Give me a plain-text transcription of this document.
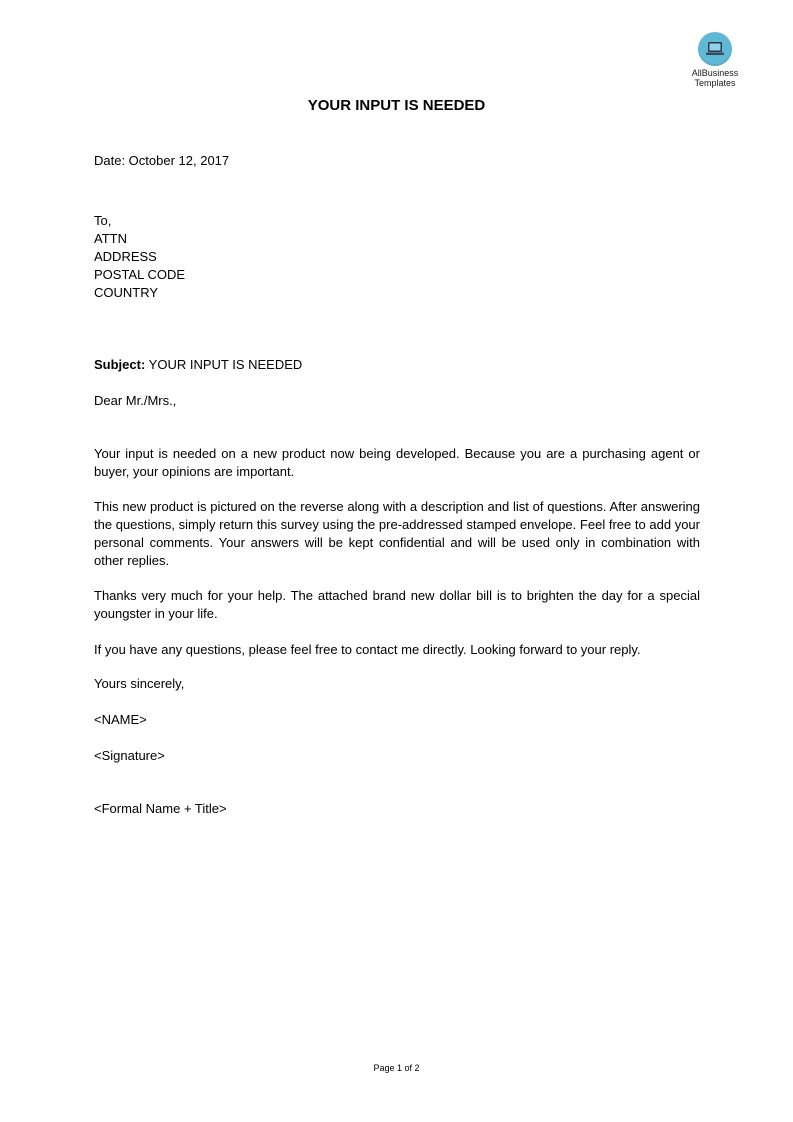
AllBusiness
Templates
YOUR INPUT IS NEEDED

Date: October 12, 2017

To,

ATTN

ADDRESS

POSTAL CODE

COUNTRY

Subject: YOUR INPUT IS NEEDED

Dear Mr./Mrs.,

Your input is needed on a new product now being developed. Because you are a purchasing agent or buyer, your opinions are important.

This new product is pictured on the reverse along with a description and list of questions. After answering the questions, simply return this survey using the pre-addressed stamped envelope. Feel free to add your personal comments. Your answers will be kept confidential and will be used only in combination with other replies.

Thanks very much for your help. The attached brand new dollar bill is to brighten the day for a special youngster in your life.

If you have any questions, please feel free to contact me directly. Looking forward to your reply.

Yours sincerely,

<NAME>

<Signature>

<Formal Name + Title>

Page 1 of 2
